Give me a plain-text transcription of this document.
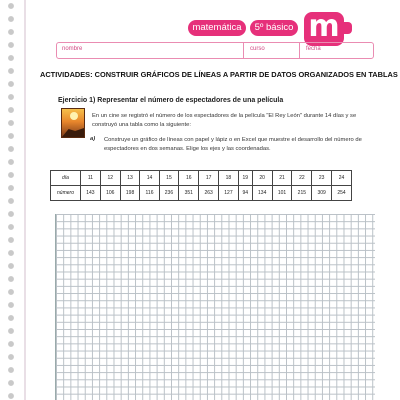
matemática	5º básico m
nombre	curso	fecha
ACTIVIDADES: CONSTRUIR GRÁFICOS DE LÍNEAS A PARTIR DE DATOS ORGANIZADOS EN TABLAS
Ejercicio 1) Representar el número de espectadores de una película
En un cine se registró el número de los espectadores de la película "El Rey León" durante 14 días y se construyó una tabla como la siguiente:
a) Construye un gráfico de líneas con papel y lápiz o en Excel que muestre el desarrollo del número de espectadores en dos semanas. Elige los ejes y las coordenadas.
día	11	12	13	14	15	16	17	18	19	20	21	22	23	24
número	143	106	198	116	236	351	263	127	94	134	101	215	309	254
